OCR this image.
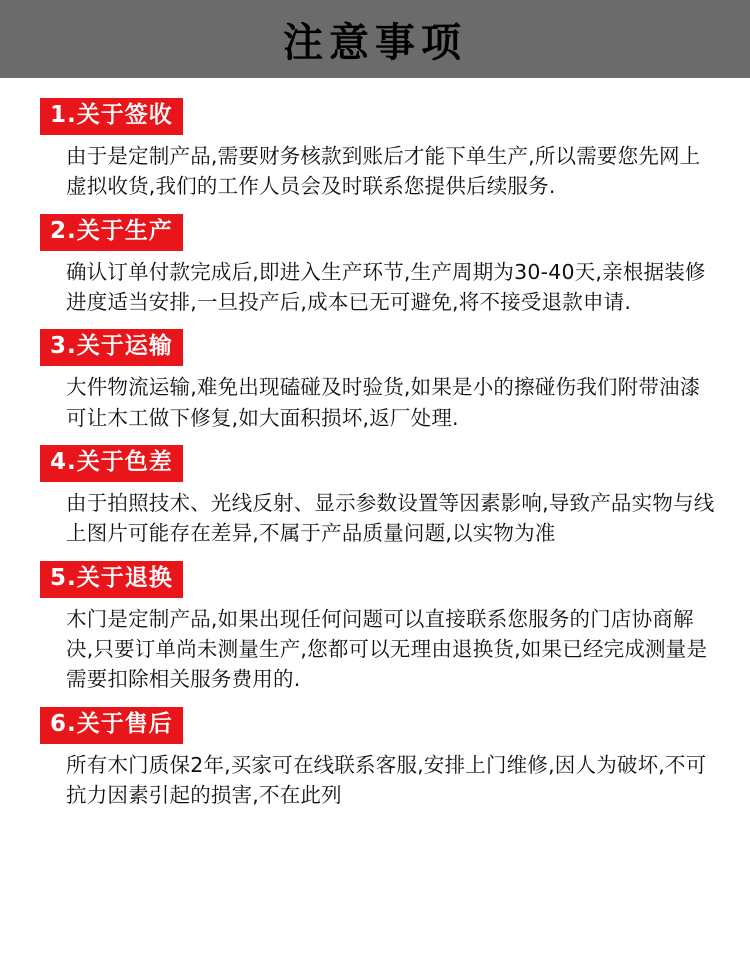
注意事项
1.关于签收
由于是定制产品,需要财务核款到账后才能下单生产,所以需要您先网上虚拟收货,我们的工作人员会及时联系您提供后续服务.
2.关于生产
确认订单付款完成后,即进入生产环节,生产周期为30-40天,亲根据装修进度适当安排,一旦投产后,成本已无可避免,将不接受退款申请.
3.关于运输
大件物流运输,难免出现磕碰及时验货,如果是小的擦碰伤我们附带油漆可让木工做下修复,如大面积损坏,返厂处理.
4.关于色差
由于拍照技术、光线反射、显示参数设置等因素影响,导致产品实物与线上图片可能存在差异,不属于产品质量问题,以实物为准
5.关于退换
木门是定制产品,如果出现任何问题可以直接联系您服务的门店协商解决,只要订单尚未测量生产,您都可以无理由退换货,如果已经完成测量是需要扣除相关服务费用的.
6.关于售后
所有木门质保2年,买家可在线联系客服,安排上门维修,因人为破坏,不可抗力因素引起的损害,不在此列
